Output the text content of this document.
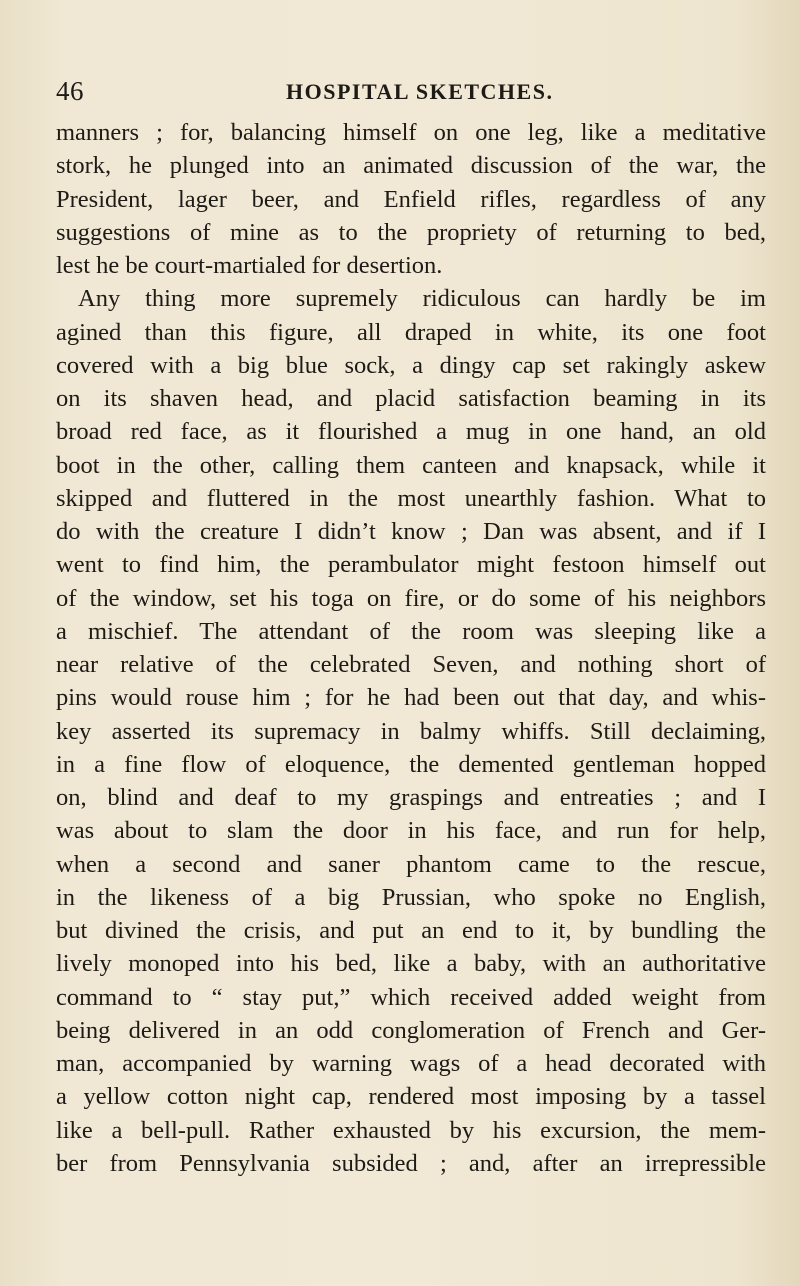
46	HOSPITAL SKETCHES.
manners ; for, balancing himself on one leg, like a meditative
stork, he plunged into an animated discussion of the war, the
President, lager beer, and Enfield rifles, regardless of any
suggestions of mine as to the propriety of returning to bed,
lest he be court-martialed for desertion.
Any thing more supremely ridiculous can hardly be im
agined than this figure, all draped in white, its one foot
covered with a big blue sock, a dingy cap set rakingly askew
on its shaven head, and placid satisfaction beaming in its
broad red face, as it flourished a mug in one hand, an old
boot in the other, calling them canteen and knapsack, while it
skipped and fluttered in the most unearthly fashion. What to
do with the creature I didn’t know ; Dan was absent, and if I
went to find him, the perambulator might festoon himself out
of the window, set his toga on fire, or do some of his neighbors
a mischief. The attendant of the room was sleeping like a
near relative of the celebrated Seven, and nothing short of
pins would rouse him ; for he had been out that day, and whis-
key asserted its supremacy in balmy whiffs. Still declaiming,
in a fine flow of eloquence, the demented gentleman hopped
on, blind and deaf to my graspings and entreaties ; and I
was about to slam the door in his face, and run for help,
when a second and saner phantom came to the rescue,
in the likeness of a big Prussian, who spoke no English,
but divined the crisis, and put an end to it, by bundling the
lively monoped into his bed, like a baby, with an authoritative
command to “ stay put,” which received added weight from
being delivered in an odd conglomeration of French and Ger-
man, accompanied by warning wags of a head decorated with
a yellow cotton night cap, rendered most imposing by a tassel
like a bell-pull. Rather exhausted by his excursion, the mem-
ber from Pennsylvania subsided ; and, after an irrepressible
